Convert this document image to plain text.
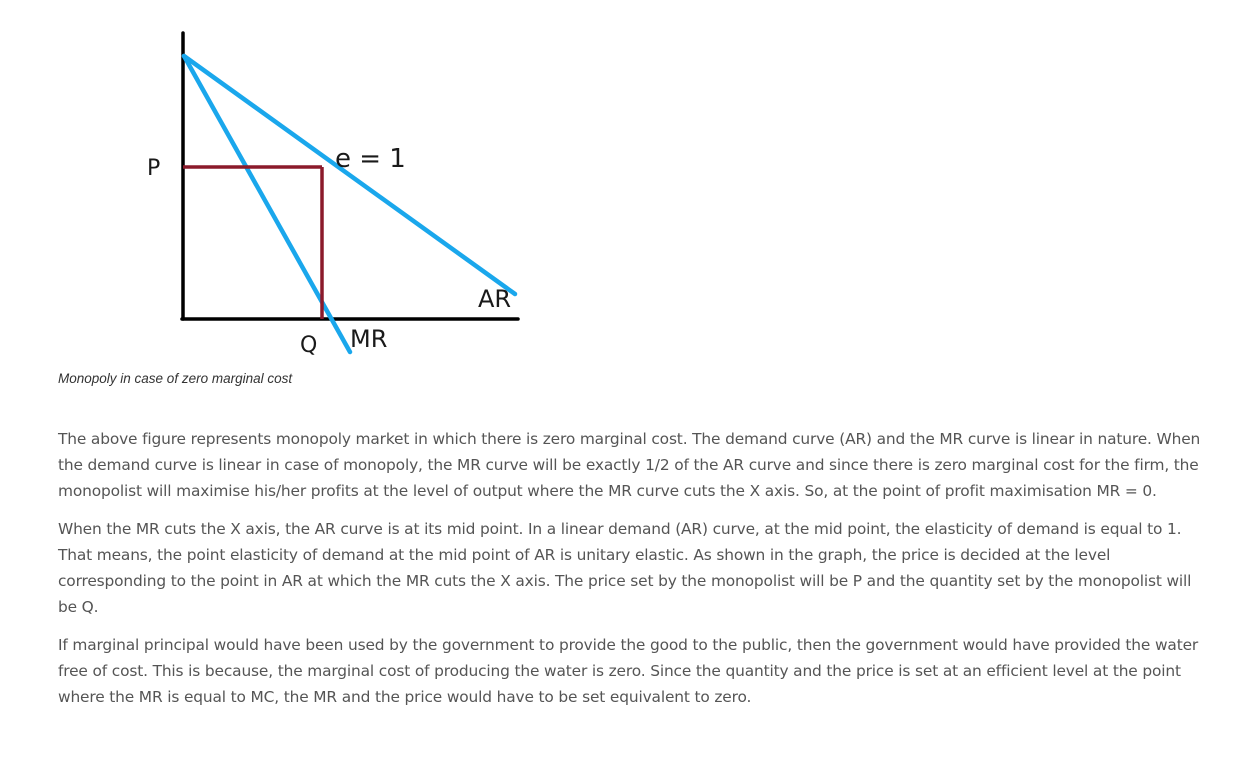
P	e = 1
AR
Q MR

Monopoly in case of zero marginal cost

The above figure represents monopoly market in which there is zero marginal cost. The demand curve (AR) and the MR curve is linear in nature. When the demand curve is linear in case of monopoly, the MR curve will be exactly 1/2 of the AR curve and since there is zero marginal cost for the firm, the monopolist will maximise his/her profits at the level of output where the MR curve cuts the X axis. So, at the point of profit maximisation MR = 0.

When the MR cuts the X axis, the AR curve is at its mid point. In a linear demand (AR) curve, at the mid point, the elasticity of demand is equal to 1. That means, the point elasticity of demand at the mid point of AR is unitary elastic. As shown in the graph, the price is decided at the level corresponding to the point in AR at which the MR cuts the X axis. The price set by the monopolist will be P and the quantity set by the monopolist will be Q.

If marginal principal would have been used by the government to provide the good to the public, then the government would have provided the water free of cost. This is because, the marginal cost of producing the water is zero. Since the quantity and the price is set at an efficient level at the point where the MR is equal to MC, the MR and the price would have to be set equivalent to zero.
